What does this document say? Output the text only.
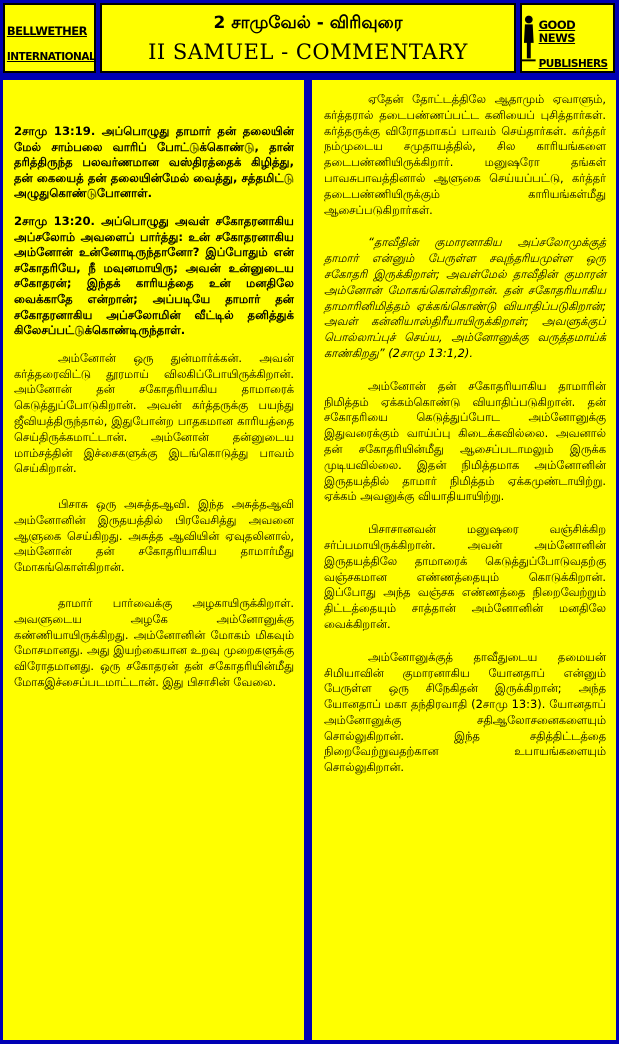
BELLWETHER

INTERNATIONAL

2 சாமுவேல் - விரிவுரை
II SAMUEL - COMMENTARY

GOOD NEWS

PUBLISHERS

2சாமு 13:19. அப்பொழுது தாமார் தன் தலையின் மேல் சாம்பலை வாரிப் போட்டுக்கொண்டு, தான் தரித்திருந்த பலவர்ணமான வஸ்திரத்தைக் கிழித்து, தன் கையைத் தன் தலையின்மேல் வைத்து, சத்தமிட்டு அழுதுகொண்டுபோனாள்.

2சாமு 13:20. அப்பொழுது அவள் சகோதரனாகிய அப்சலோம் அவளைப் பார்த்து: உன் சகோதரனாகிய அம்னோன் உன்னோடிருந்தானோ? இப்போதும் என் சகோதரியே, நீ மவுனமாயிரு; அவன் உன்னுடைய சகோதரன்; இந்தக் காரியத்தை உன் மனதிலே வைக்காதே என்றான்; அப்படியே தாமார் தன் சகோதரனாகிய அப்சலோமின் வீட்டில் தனித்துக் கிலேசப்பட்டுக்கொண்டிருந்தாள்.

அம்னோன் ஒரு துன்மார்க்கன். அவன் கர்த்தரைவிட்டு தூரமாய் விலகிப்போயிருக்கிறான். அம்னோன் தன் சகோதரியாகிய தாமாரைக் கெடுத்துப்போடுகிறான். அவன் கர்த்தருக்கு பயந்து ஜீவியத்திருந்தால், இதுபோன்ற பாதகமான காரியத்தை செய்திருக்கமாட்டான். அம்னோன் தன்னுடைய மாம்சத்தின் இச்சைகளுக்கு இடங்கொடுத்து பாவம் செய்கிறான்.

பிசாசு ஒரு அசுத்தஆவி. இந்த அசுத்தஆவி அம்னோனின் இருதயத்தில் பிரவேசித்து அவனை ஆளுகை செய்கிறது. அசுத்த ஆவியின் ஏவுதலினால், அம்னோன் தன் சகோதரியாகிய தாமார்மீது மோகங்கொள்கிறான்.

தாமார் பார்வைக்கு அழகாயிருக்கிறாள். அவளுடைய அழகே அம்னோனுக்கு கண்ணியாயிருக்கிறது. அம்னோனின் மோகம் மிகவும் மோசமானது. அது இயற்கையான உறவு முறைகளுக்கு விரோதமானது. ஒரு சகோதரன் தன் சகோதரியின்மீது மோகஇச்சைப்படமாட்டான். இது பிசாசின் வேலை.

ஏதேன் தோட்டத்திலே ஆதாமும் ஏவாளும், கர்த்தரால் தடைபண்ணப்பட்ட கனியைப் புசித்தார்கள். கர்த்தருக்கு விரோதமாகப் பாவம் செய்தார்கள். கர்த்தர் நம்முடைய சமுதாயத்தில், சில காரியங்களை தடைபண்ணியிருக்கிறார். மனுஷரோ தங்கள் பாவசுபாவத்தினால் ஆளுகை செய்யப்பட்டு, கர்த்தர் தடைபண்ணியிருக்கும் காரியங்கள்மீது ஆசைப்படுகிறார்கள்.

“தாவீதின் குமாரனாகிய அப்சலோமுக்குத் தாமார் என்னும் பேருள்ள சவுந்தரியமுள்ள ஒரு சகோதரி இருக்கிறாள்; அவள்மேல் தாவீதின் குமாரன் அம்னோன் மோகங்கொள்கிறான். தன் சகோதரியாகிய தாமாரினிமித்தம் ஏக்கங்கொண்டு வியாதிப்படுகிறான்; அவள் கன்னியாஸ்திரீயாயிருக்கிறாள்; அவளுக்குப் பொல்லாப்புச் செய்ய, அம்னோனுக்கு வருத்தமாய்க் காண்கிறது” (2சாமு 13:1,2).

அம்னோன் தன் சகோதரியாகிய தாமாரின் நிமித்தம் ஏக்கம்கொண்டு வியாதிப்படுகிறான். தன் சகோதரியை கெடுத்துப்போட அம்னோனுக்கு இதுவரைக்கும் வாய்ப்பு கிடைக்கவில்லை. அவனால் தன் சகோதரியின்மீது ஆசைப்படாமலும் இருக்க முடியவில்லை. இதன் நிமித்தமாக அம்னோனின் இருதயத்தில் தாமார் நிமித்தம் ஏக்கமுண்டாயிற்று. ஏக்கம் அவனுக்கு வியாதியாயிற்று.

பிசாசானவன் மனுஷரை வஞ்சிக்கிற சர்ப்பமாயிருக்கிறான். அவன் அம்னோனின் இருதயத்திலே தாமாரைக் கெடுத்துப்போடுவதற்கு வஞ்சகமான எண்ணத்தையும் கொடுக்கிறான். இப்போது அந்த வஞ்சக எண்ணத்தை நிறைவேற்றும் திட்டத்தையும் சாத்தான் அம்னோனின் மனதிலே வைக்கிறான்.

அம்னோனுக்குத் தாவீதுடைய தமையன் சிமியாவின் குமாரனாகிய யோனதாப் என்னும் பேருள்ள ஒரு சிநேகிதன் இருக்கிறான்; அந்த யோனதாப் மகா தந்திரவாதி (2சாமு 13:3). யோனதாப் அம்னோனுக்கு சதிஆலோசனைகளையும் சொல்லுகிறான். இந்த சதித்திட்டத்தை நிறைவேற்றுவதற்கான உபாயங்களையும் சொல்லுகிறான்.
